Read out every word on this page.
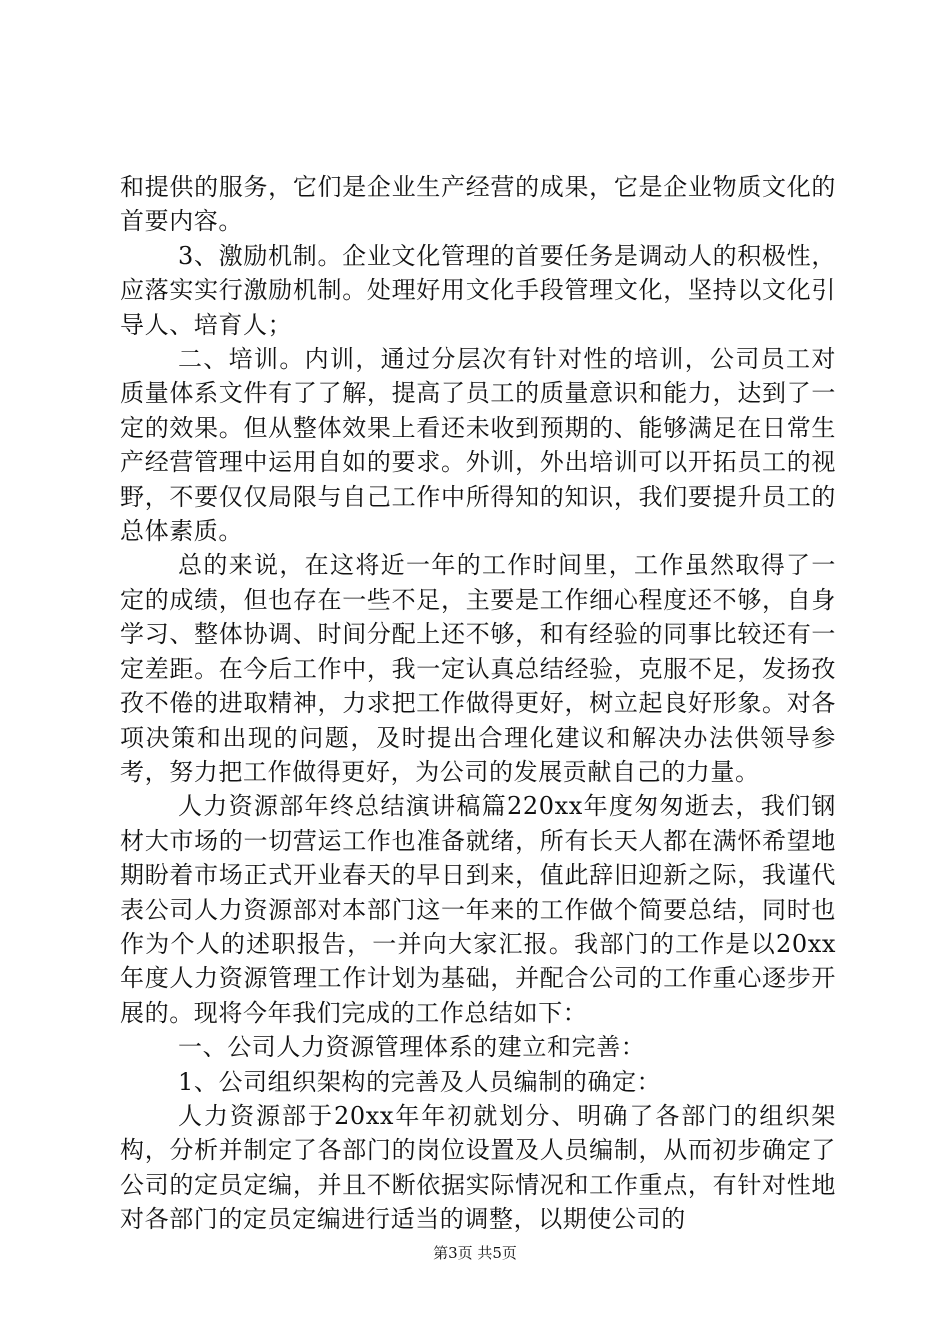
和提供的服务，它们是企业生产经营的成果，它是企业物质文化的首要内容。

3、激励机制。企业文化管理的首要任务是调动人的积极性，应落实实行激励机制。处理好用文化手段管理文化，坚持以文化引导人、培育人；

二、培训。内训，通过分层次有针对性的培训，公司员工对质量体系文件有了了解，提高了员工的质量意识和能力，达到了一定的效果。但从整体效果上看还未收到预期的、能够满足在日常生产经营管理中运用自如的要求。外训，外出培训可以开拓员工的视野，不要仅仅局限与自己工作中所得知的知识，我们要提升员工的总体素质。

总的来说，在这将近一年的工作时间里，工作虽然取得了一定的成绩，但也存在一些不足，主要是工作细心程度还不够，自身学习、整体协调、时间分配上还不够，和有经验的同事比较还有一定差距。在今后工作中，我一定认真总结经验，克服不足，发扬孜孜不倦的进取精神，力求把工作做得更好，树立起良好形象。对各项决策和出现的问题，及时提出合理化建议和解决办法供领导参考，努力把工作做得更好，为公司的发展贡献自己的力量。

人力资源部年终总结演讲稿篇220xx年度匆匆逝去，我们钢材大市场的一切营运工作也准备就绪，所有长天人都在满怀希望地期盼着市场正式开业春天的早日到来，值此辞旧迎新之际，我谨代表公司人力资源部对本部门这一年来的工作做个简要总结，同时也作为个人的述职报告，一并向大家汇报。我部门的工作是以20xx年度人力资源管理工作计划为基础，并配合公司的工作重心逐步开展的。现将今年我们完成的工作总结如下：

一、公司人力资源管理体系的建立和完善：

1、公司组织架构的完善及人员编制的确定：

人力资源部于20xx年年初就划分、明确了各部门的组织架构，分析并制定了各部门的岗位设置及人员编制，从而初步确定了公司的定员定编，并且不断依据实际情况和工作重点，有针对性地对各部门的定员定编进行适当的调整，以期使公司的

第3页 共5页
